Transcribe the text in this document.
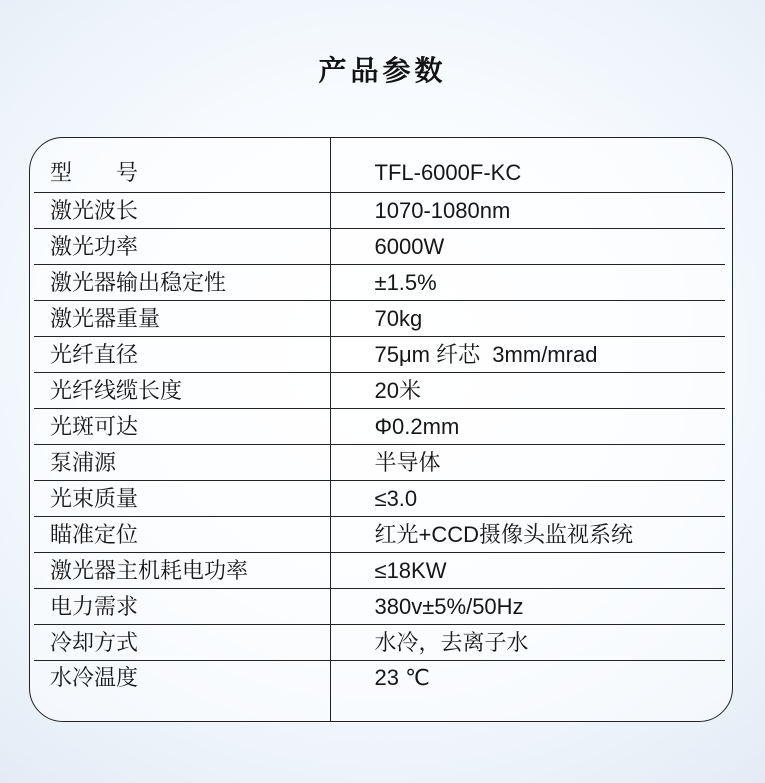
产品参数
型　　号	TFL-6000F-KC
激光波长	1070-1080nm
激光功率	6000W
激光器输出稳定性	±1.5%
激光器重量	70kg
光纤直径	75μm 纤芯  3mm/mrad
光纤线缆长度	20米
光斑可达	Φ0.2mm
泵浦源	半导体
光束质量	≤3.0
瞄准定位	红光+CCD摄像头监视系统
激光器主机耗电功率	≤18KW
电力需求	380v±5%/50Hz
冷却方式	水冷，去离子水
水冷温度	23 ℃
